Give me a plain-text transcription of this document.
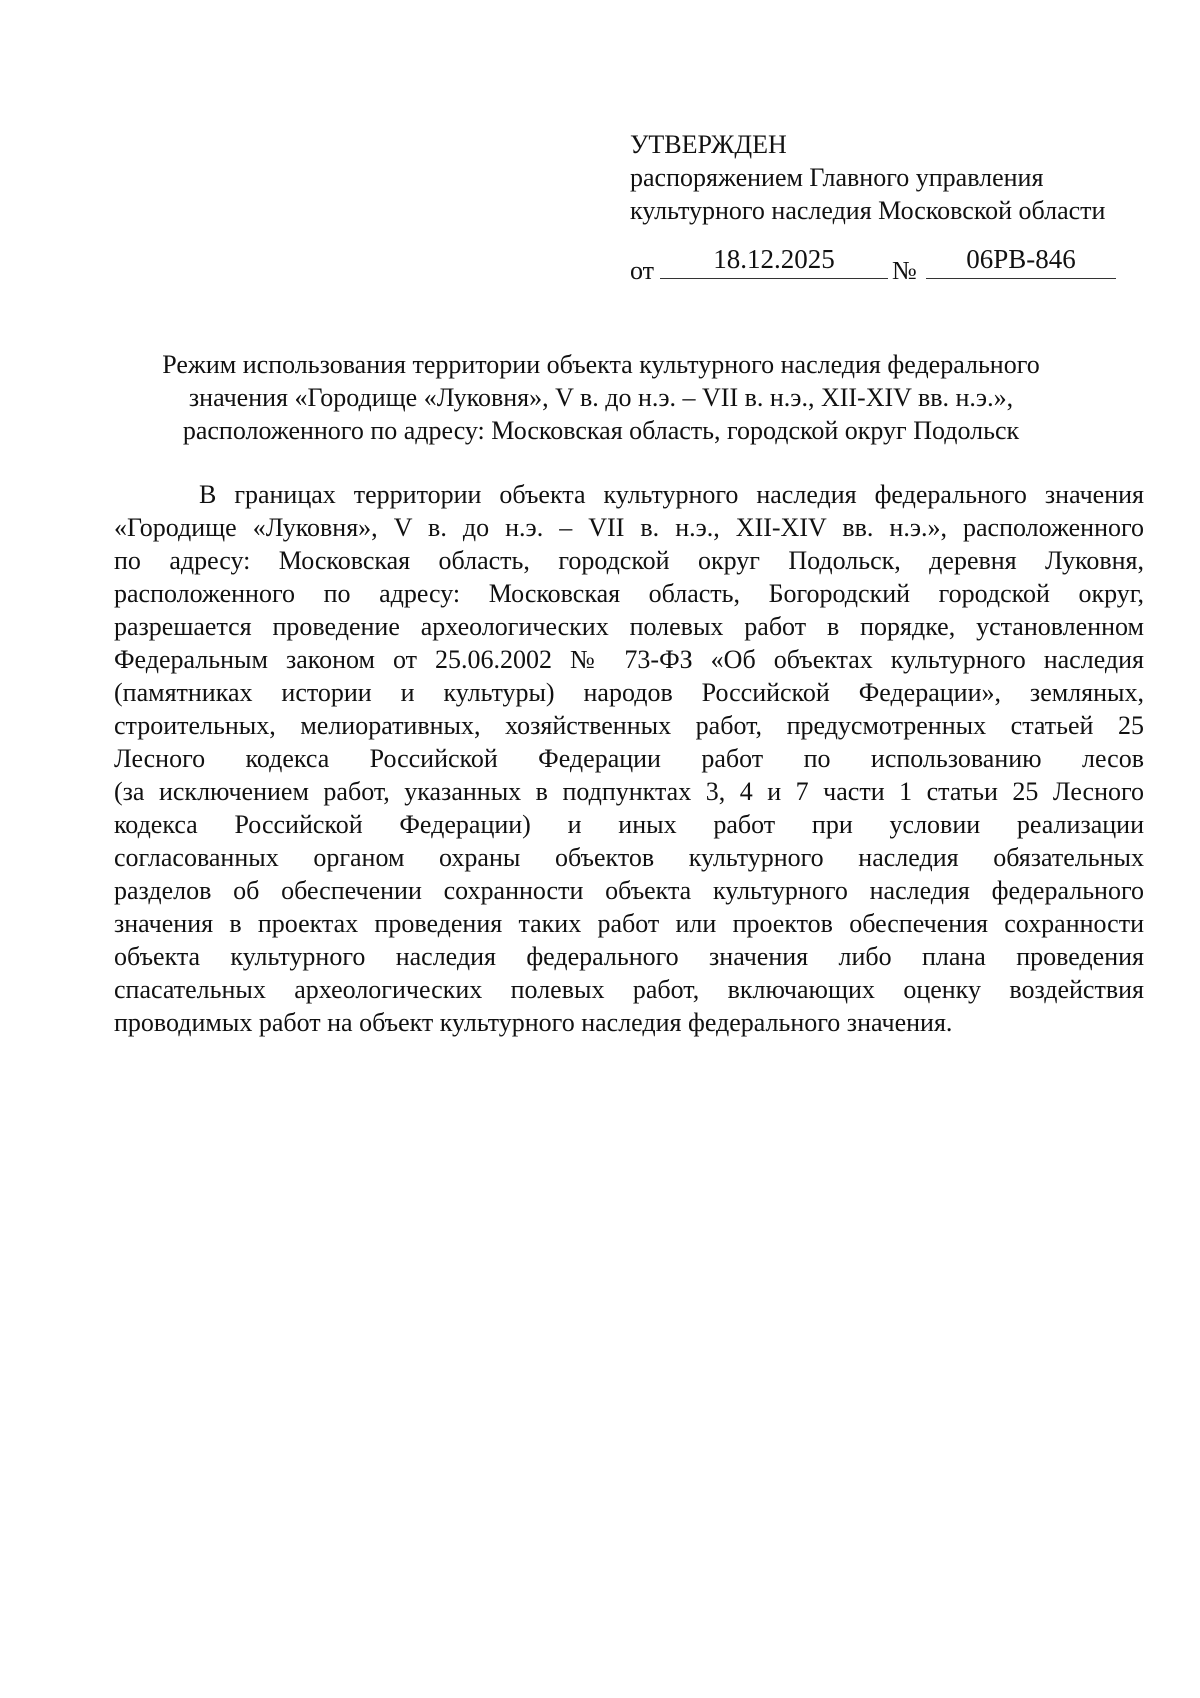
УТВЕРЖДЕН
распоряжением Главного управления
культурного наследия Московской области
от	18.12.2025	№	06РВ-846
Режим использования территории объекта культурного наследия федерального
значения «Городище «Луковня», V в. до н.э. – VII в. н.э., XII-XIV вв. н.э.»,
расположенного по адресу: Московская область, городской округ Подольск
В границах территории объекта культурного наследия федерального значения
«Городище «Луковня», V в. до н.э. – VII в. н.э., XII-XIV вв. н.э.», расположенного
по адресу: Московская область, городской округ Подольск, деревня Луковня,
расположенного по адресу: Московская область, Богородский городской округ,
разрешается проведение археологических полевых работ в порядке, установленном
Федеральным законом от 25.06.2002 № 73-ФЗ «Об объектах культурного наследия
(памятниках истории и культуры) народов Российской Федерации», земляных,
строительных, мелиоративных, хозяйственных работ, предусмотренных статьей 25
Лесного кодекса Российской Федерации работ по использованию лесов
(за исключением работ, указанных в подпунктах 3, 4 и 7 части 1 статьи 25 Лесного
кодекса Российской Федерации) и иных работ при условии реализации
согласованных органом охраны объектов культурного наследия обязательных
разделов об обеспечении сохранности объекта культурного наследия федерального
значения в проектах проведения таких работ или проектов обеспечения сохранности
объекта культурного наследия федерального значения либо плана проведения
спасательных археологических полевых работ, включающих оценку воздействия
проводимых работ на объект культурного наследия федерального значения.
